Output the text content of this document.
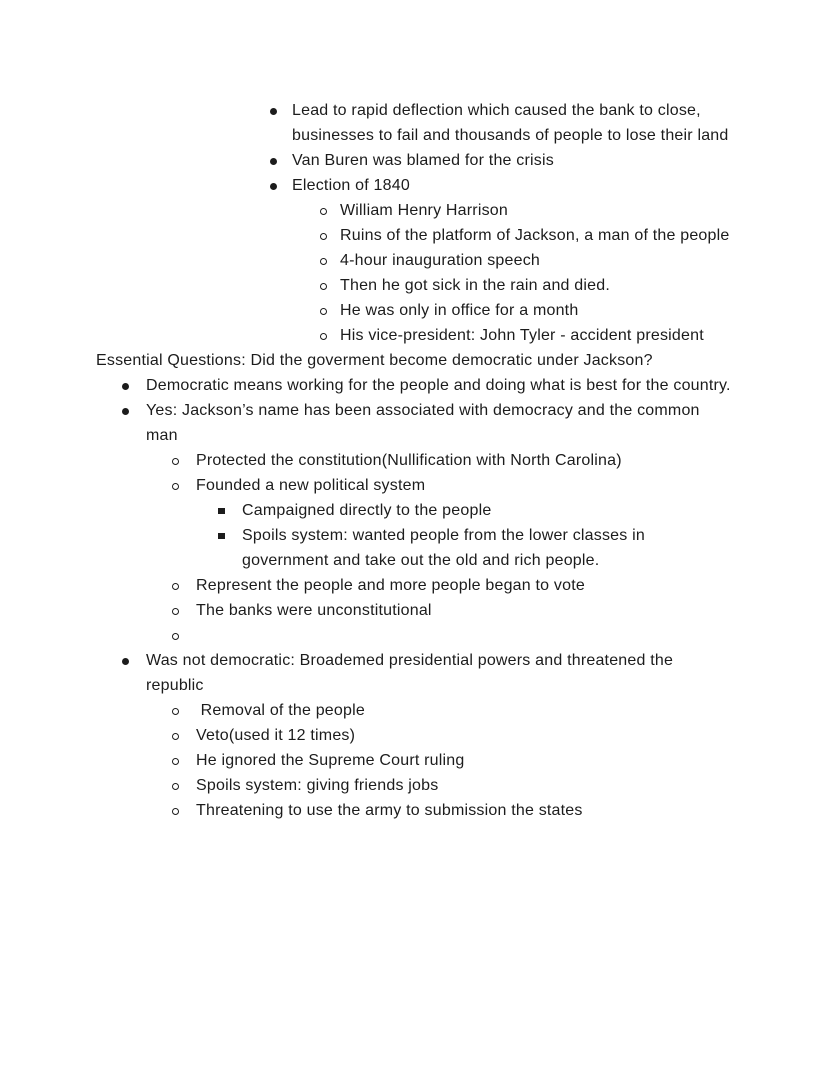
Lead to rapid deflection which caused the bank to close, businesses to fail and thousands of people to lose their land
Van Buren was blamed for the crisis
Election of 1840
William Henry Harrison
Ruins of the platform of Jackson, a man of the people
4-hour inauguration speech
Then he got sick in the rain and died.
He was only in office for a month
His vice-president: John Tyler - accident president
Essential Questions: Did the goverment become democratic under Jackson?
Democratic means working for the people and doing what is best for the country.
Yes: Jackson’s name has been associated with democracy and the common man
Protected the constitution(Nullification with North Carolina)
Founded a new political system
Campaigned directly to the people
Spoils system: wanted people from the lower classes in government and take out the old and rich people.
Represent the people and more people began to vote
The banks were unconstitutional
Was not democratic: Broademed presidential powers and threatened the republic
Removal of the people
Veto(used it 12 times)
He ignored the Supreme Court ruling
Spoils system: giving friends jobs
Threatening to use the army to submission the states
